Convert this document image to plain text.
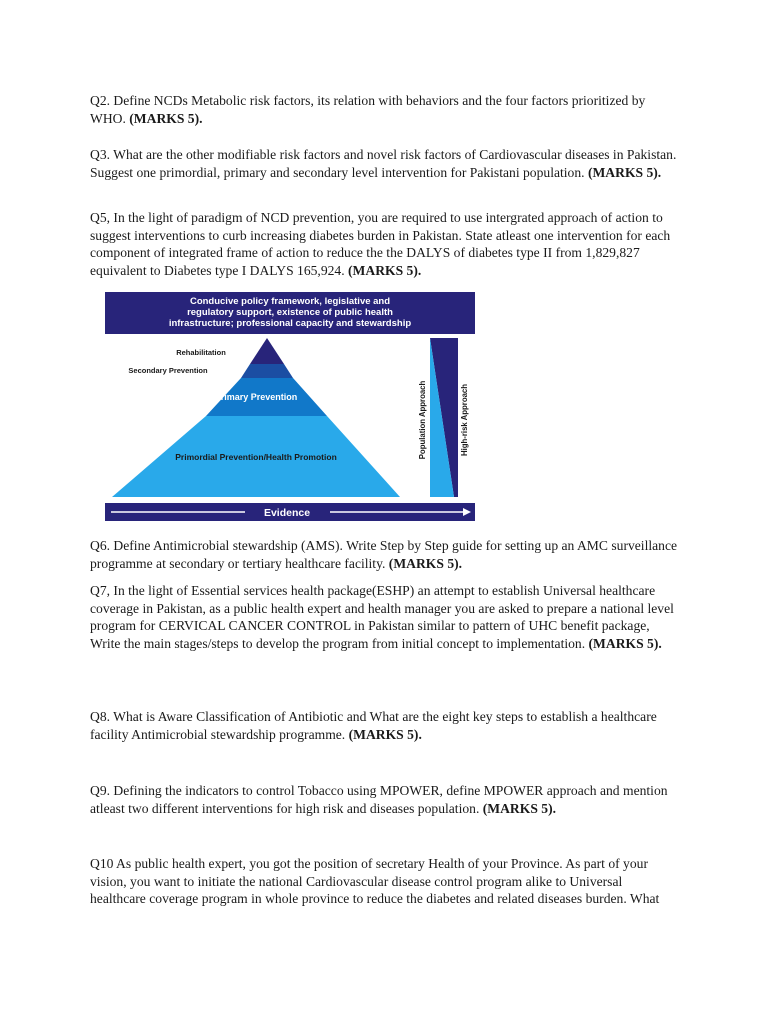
Q2. Define NCDs Metabolic risk factors, its relation with behaviors and the four factors prioritized by WHO. (MARKS 5).

Q3. What are the other modifiable risk factors and novel risk factors of Cardiovascular diseases in Pakistan. Suggest one primordial, primary and secondary level intervention for Pakistani population. (MARKS 5).

Q5, In the light of paradigm of NCD prevention, you are required to use intergrated approach of action to suggest interventions to curb increasing diabetes burden in Pakistan. State atleast one intervention for each component of integrated frame of action to reduce the the DALYS of diabetes type II from 1,829,827 equivalent to Diabetes type I DALYS 165,924. (MARKS 5).

Conducive policy framework, legislative and
regulatory support, existence of public health
infrastructure; professional capacity and stewardship
Rehabilitation
Secondary Prevention
Primary Prevention
Primordial Prevention/Health Promotion	Population Approach	High-risk Approach
Evidence

Q6. Define Antimicrobial stewardship (AMS). Write Step by Step guide for setting up an AMC surveillance programme at secondary or tertiary healthcare facility. (MARKS 5).

Q7, In the light of Essential services health package(ESHP) an attempt to establish Universal healthcare coverage in Pakistan, as a public health expert and health manager you are asked to prepare a national level program for CERVICAL CANCER CONTROL in Pakistan similar to pattern of UHC benefit package, Write the main stages/steps to develop the program from initial concept to implementation. (MARKS 5).

Q8. What is Aware Classification of Antibiotic and What are the eight key steps to establish a healthcare facility Antimicrobial stewardship programme. (MARKS 5).

Q9. Defining the indicators to control Tobacco using MPOWER, define MPOWER approach and mention atleast two different interventions for high risk and diseases population. (MARKS 5).

Q10 As public health expert, you got the position of secretary Health of your Province. As part of your vision, you want to initiate the national Cardiovascular disease control program alike to Universal healthcare coverage program in whole province to reduce the diabetes and related diseases burden. What
